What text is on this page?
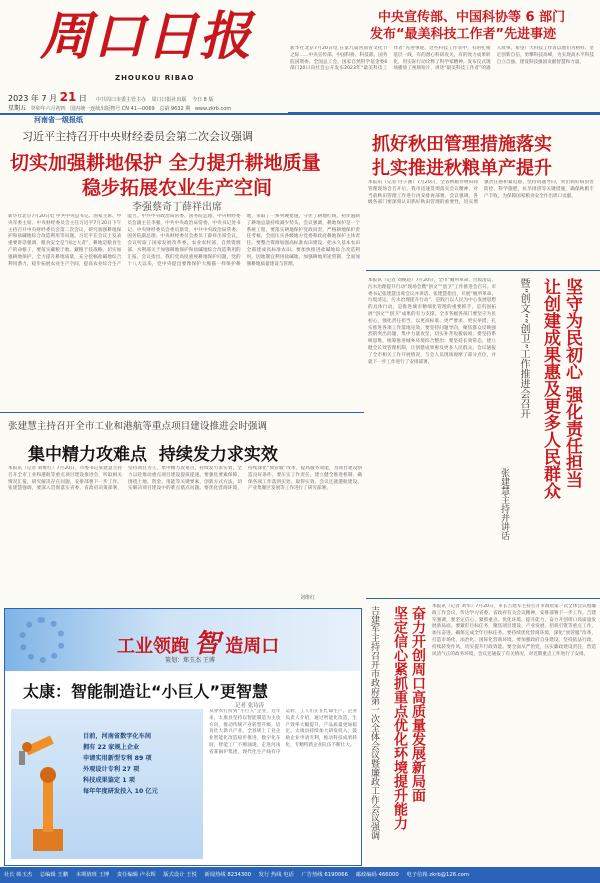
周口日报
ZHOUKOU RIBAO
2023 年 7 月 21 日 中共周口市委主管主办 周口日报社出版 今日 8 版
星期五 癸卯年六月初四 国内统一连续出版物号 CN 41—0069 总第 9632 期 www.zkrb.com
河南省一级报纸
中央宣传部、中国科协等 6 部门
发布“最美科技工作者”先进事迹
新华社北京7月20日电 在第九届河南省文化节之际……中央宣传部、中国科协、科技部、国务院国资委、全国总工会、国家自然科学基金委6部门20日向社会公开发布2023年“最美科技工作者”先进事迹。这些科技工作者中，有的扎根基层一线，有的潜心科研攻关，有的致力成果转化，用实际行动诠释了科学家精神。发布仪式现场播放了视频短片，讲述“最美科技工作者”的感人故事。希望广大科技工作者以他们为榜样，坚定创新自信，勇攀科技高峰，为实现高水平科技自立自强、建设科技强国贡献智慧和力量。
习近平主持召开中央财经委员会第二次会议强调
切实加强耕地保护 全力提升耕地质量
稳步拓展农业生产空间
李强蔡奇丁薛祥出席
新华社北京7月20日电 中共中央总书记、国家主席、中央军委主席、中央财经委员会主任习近平7月20日下午主持召开中央财经委员会第二次会议，研究加强耕地保护和盐碱地综合改造利用等问题。习近平在会议上发表重要讲话强调，粮食安全是“国之大者”，耕地是粮食生产的命根子，要落实藏粮于地、藏粮于技战略，切实加强耕地保护，全力提升耕地质量，充分挖掘盐碱地综合利用潜力，稳步拓展农业生产空间，提高农业综合生产能力。中共中央政治局常委、国务院总理、中央财经委员会副主任李强，中共中央政治局常委、中央书记处书记、中央财经委员会委员蔡奇，中共中央政治局常委、国务院副总理、中央财经委员会委员丁薛祥出席会议。会议听取了国家发展改革委、农业农村部、自然资源部、水利部关于加强耕地保护和盐碱地综合改造利用的汇报。会议指出，我们党高度重视耕地保护问题，党的十八大以来，党中央提出要像保护大熊猫一样保护耕地，采取了一系列硬措施，守住了耕地红线，初步遏制了耕地总量持续减少势头。会议强调，耕地保护是一个系统工程，要落实耕地保护党政同责，严格耕地保护责任考核，全面压实各级地方党委和政府耕地保护主体责任。要整合资源加强高标准农田建设，把永久基本农田全部建成高标准农田。要加快推进盐碱地综合改造利用，因地制宜利用盐碱地，加强耕地用途管制，全面加强耕地质量建设与管理。
抓好秋田管理措施落实
扎实推进秋粮单产提升
本报讯（记者 付子涵）7月20日，全省秋粮作物田间管理现场会召开后，我市迅速贯彻落实会议精神，对当前秋田管理工作进行再安排再部署。会议强调，各级各部门要深刻认识抓好秋田管理的重要性，切实增强责任感和紧迫感，坚持问题导向，突出抓好病虫害防控、科学施肥、抗旱排涝等关键措施，确保秋粮丰产丰收，为保障国家粮食安全作出周口贡献。
坚守为民初心 强化责任担当
让创建成果惠及更多人民群众
暨“创文”“创卫”工作推进会召开
张建慧主持并讲话
本报讯（记者 刘俊超）7月20日，全市“厕所革命、垃圾清运、污水治理提升行动”现场会暨“创文”“创卫”工作推进会召开。市委书记张建慧出席会议并讲话。张建慧指出，开展“厕所革命、垃圾清运、污水治理提升行动”，是践行以人民为中心发展思想的具体行动，是推进城市精细化管理的重要抓手，是巩固拓展“创文”“创卫”成果的有力支撑。全市各级各部门要坚守为民初心，强化责任担当，以更高标准、更严要求、更实举措，扎实推进各项工作落地见效。要坚持问题导向，聚焦群众反映强烈的突出问题，集中力量攻坚，切实补齐短板弱项；要坚持系统思维，统筹推进城乡环境综合整治；要坚持长效常态，建立健全长效管理机制，让创建成果惠及更多人民群众。会议通报了全市相关工作开展情况，与会人员现场观摩了部分点位，并就下一步工作进行了安排部署。
张建慧主持召开全市工业和港航等重点项目建设推进会时强调
集中精力攻难点  持续发力求实效
本报讯（记者 刘维红）7月20日，市委书记张建慧主持召开全市工业和港航等重点项目建设推进会，听取相关情况汇报，研究解决存在问题，安排部署下一步工作。张建慧强调，要深入贯彻落实省委、省政府决策部署，坚持项目为王，集中精力攻难点，持续发力求实效，全力以赴推动重点项目建设提质提速。要强化要素保障，围绕土地、资金、用能等关键要素，创新方式方法，切实解决项目建设中的难点堵点问题。要优化营商环境，持续深化“放管服”改革，提高服务效能，为项目建设创造良好条件。要压实工作责任，建立健全推进机制，确保各项工作落到实处、取得实效。会议还就港航建设、产业集聚区发展等工作进行了研究部署。
刘维红
工业领跑 智 造周口
策划：郑玉杰 王博
太康：智能制造让“小巨人”更智慧
记者 张诗涛
目前，河南省数字化车间
拥有 22 家规上企业
申请实用新型专利 89 项
外观设计专利 27 项
科技成果鉴定 1 项
每年年度研发投入 10 亿元
从穿衣打扮到“小巨人”企业，近年来，太康县坚持以智能制造为主攻方向，推动传统产业转型升级，培育壮大新兴产业。全县规上工业企业智能化改造稳步推进，数字化车间、智能工厂不断涌现。走进河南省某锅炉集团，现代化生产线有序运转，工人们正在忙碌生产。企业负责人介绍，通过智能化改造，生产效率大幅提升，产品质量更加稳定。太康县持续加大研发投入，鼓励企业申请专利，推动科技成果转化，专精特新企业队伍不断壮大。	奋力开创周口高质量发展新局面
坚定信心紧抓重点优化环境提升能力
吉建军主持召开市政府第一次全体会议暨廉政工作会议强调	本报讯（记者 刘华）7月20日，市长吉建军主持召开市政府第一次全体会议暨廉政工作会议，传达学习省委、省政府有关会议精神，安排部署下一步工作。吉建军强调，要坚定信心、紧抓重点、优化环境、提升能力，奋力开创周口高质量发展新局面。要紧盯目标任务，聚焦项目建设、产业发展、招商引资等重点工作，加压奋进，确保完成全年目标任务。要持续优化营商环境，深化“放管服”改革，打造市场化、法治化、国际化营商环境。要加强政府自身建设，坚持依法行政，持续转变作风，切实提升行政效能。要全面从严治党，压实廉政建设责任，营造风清气正的政务环境。会议还通报了有关情况，对近期重点工作进行了安排。
社长 韩玉杰 总编辑 王鹏 本期值班 王博 责任编辑 卢永辉 版式设计 王悦 新闻热线 8234300 发行 热线 电话 广告热线 6190066 邮政编码 466000 电子信箱 zkrb@126.com
